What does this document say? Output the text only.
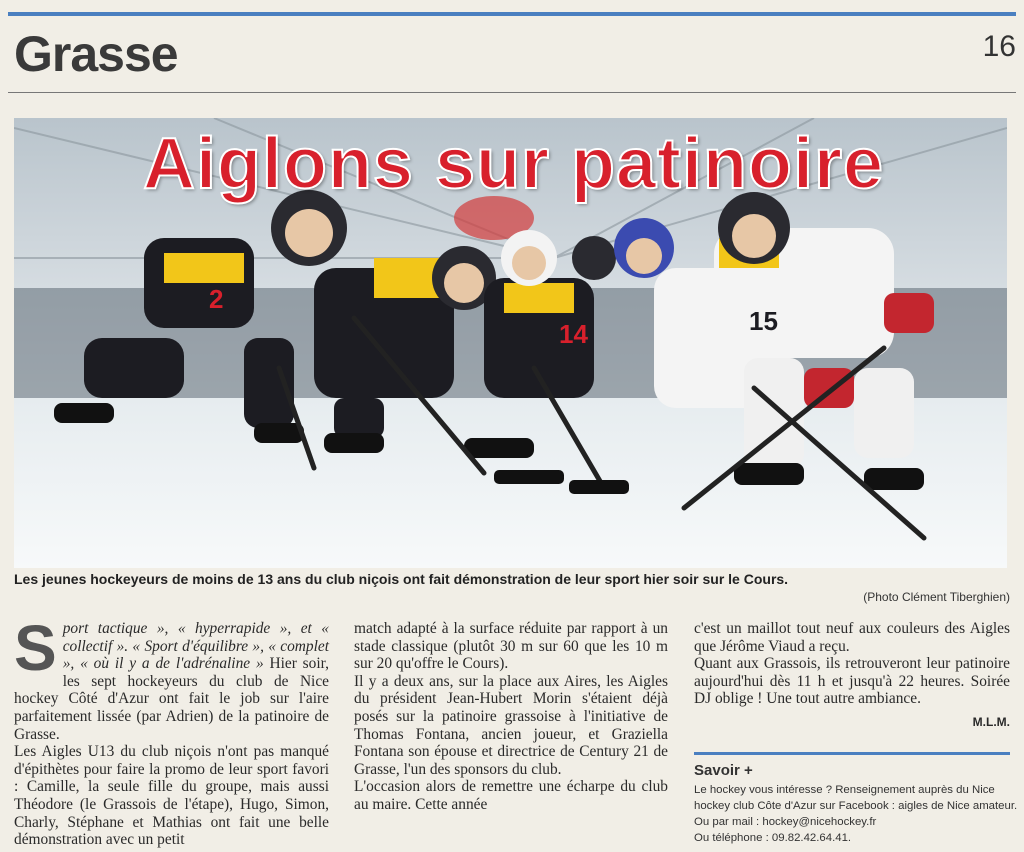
Grasse	16
2
14	15
Aiglons sur patinoire
Les jeunes hockeyeurs de moins de 13 ans du club niçois ont fait démonstration de leur sport hier soir sur le Cours.
(Photo Clément Tiberghien)

Sport tactique », « hyperrapide », et « collectif ». « Sport d'équilibre », « complet », « où il y a de l'adrénaline » Hier soir, les sept hockeyeurs du club de Nice hockey Côté d'Azur ont fait le job sur l'aire parfaitement lissée (par Adrien) de la patinoire de Grasse.

Les Aigles U13 du club niçois n'ont pas manqué d'épithètes pour faire la promo de leur sport favori : Camille, la seule fille du groupe, mais aussi Théodore (le Grassois de l'étape), Hugo, Simon, Charly, Stéphane et Mathias ont fait une belle démonstration avec un petit

match adapté à la surface réduite par rapport à un stade classique (plutôt 30 m sur 60 que les 10 m sur 20 qu'offre le Cours).

Il y a deux ans, sur la place aux Aires, les Aigles du président Jean-Hubert Morin s'étaient déjà posés sur la patinoire grassoise à l'initiative de Thomas Fontana, ancien joueur, et Graziella Fontana son épouse et directrice de Century 21 de Grasse, l'un des sponsors du club.

L'occasion alors de remettre une écharpe du club au maire. Cette année

c'est un maillot tout neuf aux couleurs des Aigles que Jérôme Viaud a reçu.

Quant aux Grassois, ils retrouveront leur patinoire aujourd'hui dès 11 h et jusqu'à 22 heures. Soirée DJ oblige ! Une tout autre ambiance.

M.L.M.
Savoir +
Le hockey vous intéresse ? Renseignement auprès du Nice
hockey club Côte d'Azur sur Facebook : aigles de Nice amateur.
Ou par mail : hockey@nicehockey.fr
Ou téléphone : 09.82.42.64.41.
